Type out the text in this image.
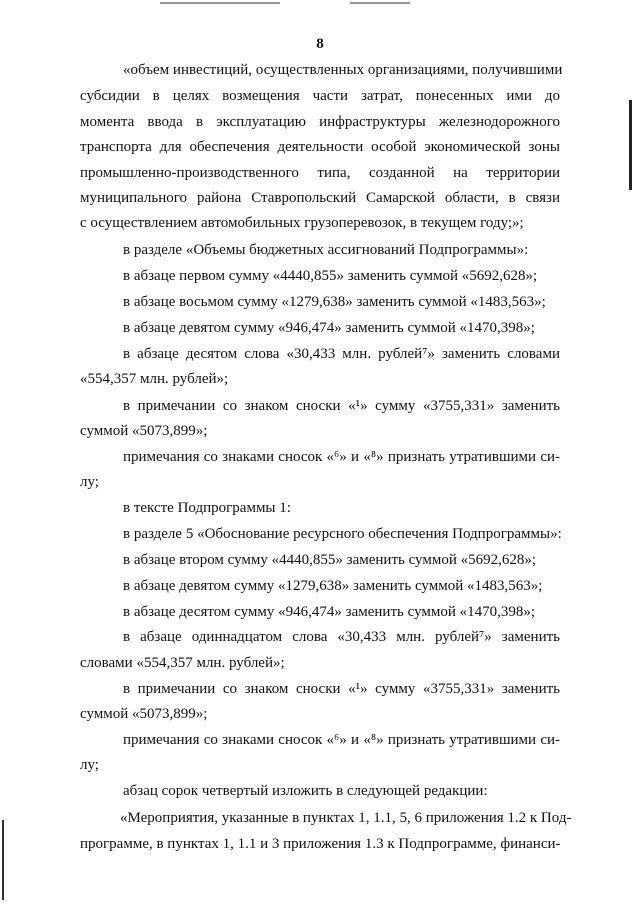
8
«объем инвестиций, осуществленных организациями, получившими
субсидии в целях возмещения части затрат, понесенных ими до
момента ввода в эксплуатацию инфраструктуры железнодорожного
транспорта для обеспечения деятельности особой экономической зоны
промышленно-производственного типа, созданной на территории
муниципального района Ставропольский Самарской области, в связи
с осуществлением автомобильных грузоперевозок, в текущем году;»;
в разделе «Объемы бюджетных ассигнований Подпрограммы»:
в абзаце первом сумму «4440,855» заменить суммой «5692,628»;
в абзаце восьмом сумму «1279,638» заменить суммой «1483,563»;
в абзаце девятом сумму «946,474» заменить суммой «1470,398»;
в абзаце десятом слова «30,433 млн. рублей⁷» заменить словами
«554,357 млн. рублей»;
в примечании со знаком сноски «¹» сумму «3755,331» заменить
суммой «5073,899»;
примечания со знаками сносок «⁶» и «⁸» признать утратившими си-
лу;
в тексте Подпрограммы 1:
в разделе 5 «Обоснование ресурсного обеспечения Подпрограммы»:
в абзаце втором сумму «4440,855» заменить суммой «5692,628»;
в абзаце девятом сумму «1279,638» заменить суммой «1483,563»;
в абзаце десятом сумму «946,474» заменить суммой «1470,398»;
в абзаце одиннадцатом слова «30,433 млн. рублей⁷» заменить
словами «554,357 млн. рублей»;
в примечании со знаком сноски «¹» сумму «3755,331» заменить
суммой «5073,899»;
примечания со знаками сносок «⁶» и «⁸» признать утратившими си-
лу;
абзац сорок четвертый изложить в следующей редакции:
«Мероприятия, указанные в пунктах 1, 1.1, 5, 6 приложения 1.2 к Под-
программе, в пунктах 1, 1.1 и 3 приложения 1.3 к Подпрограмме, финанси-
